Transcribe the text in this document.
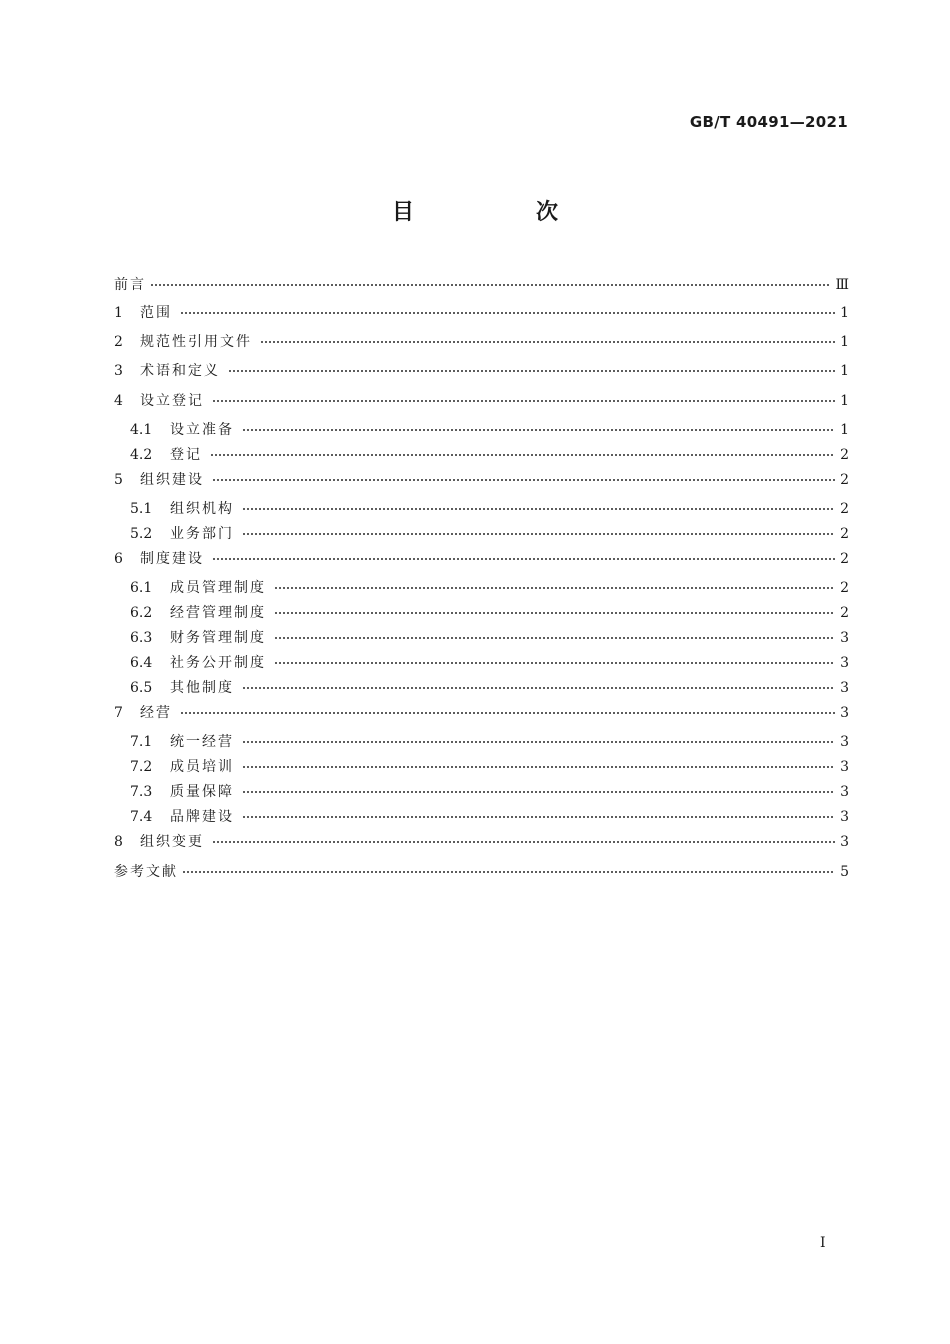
GB/T 40491—2021
目　次
前言	Ⅲ
1	范围	1
2	规范性引用文件	1
3	术语和定义	1
4	设立登记	1
4.1	设立准备	1
4.2	登记	2
5	组织建设	2
5.1	组织机构	2
5.2	业务部门	2
6	制度建设	2
6.1	成员管理制度	2
6.2	经营管理制度	2
6.3	财务管理制度	3
6.4	社务公开制度	3
6.5	其他制度	3
7	经营	3
7.1	统一经营	3
7.2	成员培训	3
7.3	质量保障	3
7.4	品牌建设	3
8	组织变更	3
参考文献	5
I
